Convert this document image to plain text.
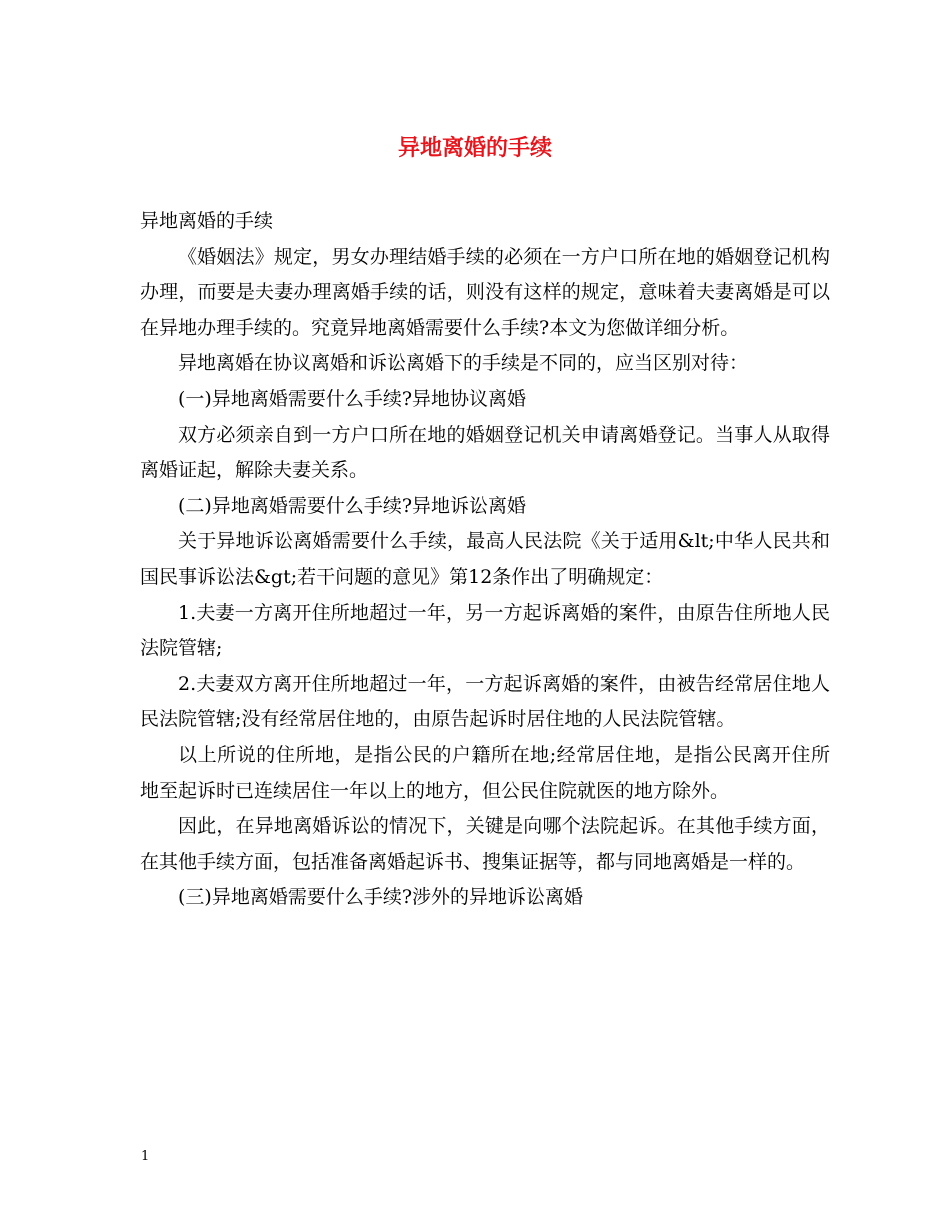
异地离婚的手续

异地离婚的手续

《婚姻法》规定，男女办理结婚手续的必须在一方户口所在地的婚姻登记机构办理，而要是夫妻办理离婚手续的话，则没有这样的规定，意味着夫妻离婚是可以在异地办理手续的。究竟异地离婚需要什么手续?本文为您做详细分析。

异地离婚在协议离婚和诉讼离婚下的手续是不同的，应当区别对待：

(一)异地离婚需要什么手续?异地协议离婚

双方必须亲自到一方户口所在地的婚姻登记机关申请离婚登记。当事人从取得离婚证起，解除夫妻关系。

(二)异地离婚需要什么手续?异地诉讼离婚

关于异地诉讼离婚需要什么手续，最高人民法院《关于适用&lt;中华人民共和国民事诉讼法&gt;若干问题的意见》第12条作出了明确规定：

1.夫妻一方离开住所地超过一年，另一方起诉离婚的案件，由原告住所地人民法院管辖;

2.夫妻双方离开住所地超过一年，一方起诉离婚的案件，由被告经常居住地人民法院管辖;没有经常居住地的，由原告起诉时居住地的人民法院管辖。

以上所说的住所地，是指公民的户籍所在地;经常居住地，是指公民离开住所地至起诉时已连续居住一年以上的地方，但公民住院就医的地方除外。

因此，在异地离婚诉讼的情况下，关键是向哪个法院起诉。在其他手续方面，在其他手续方面，包括准备离婚起诉书、搜集证据等，都与同地离婚是一样的。

(三)异地离婚需要什么手续?涉外的异地诉讼离婚

1
